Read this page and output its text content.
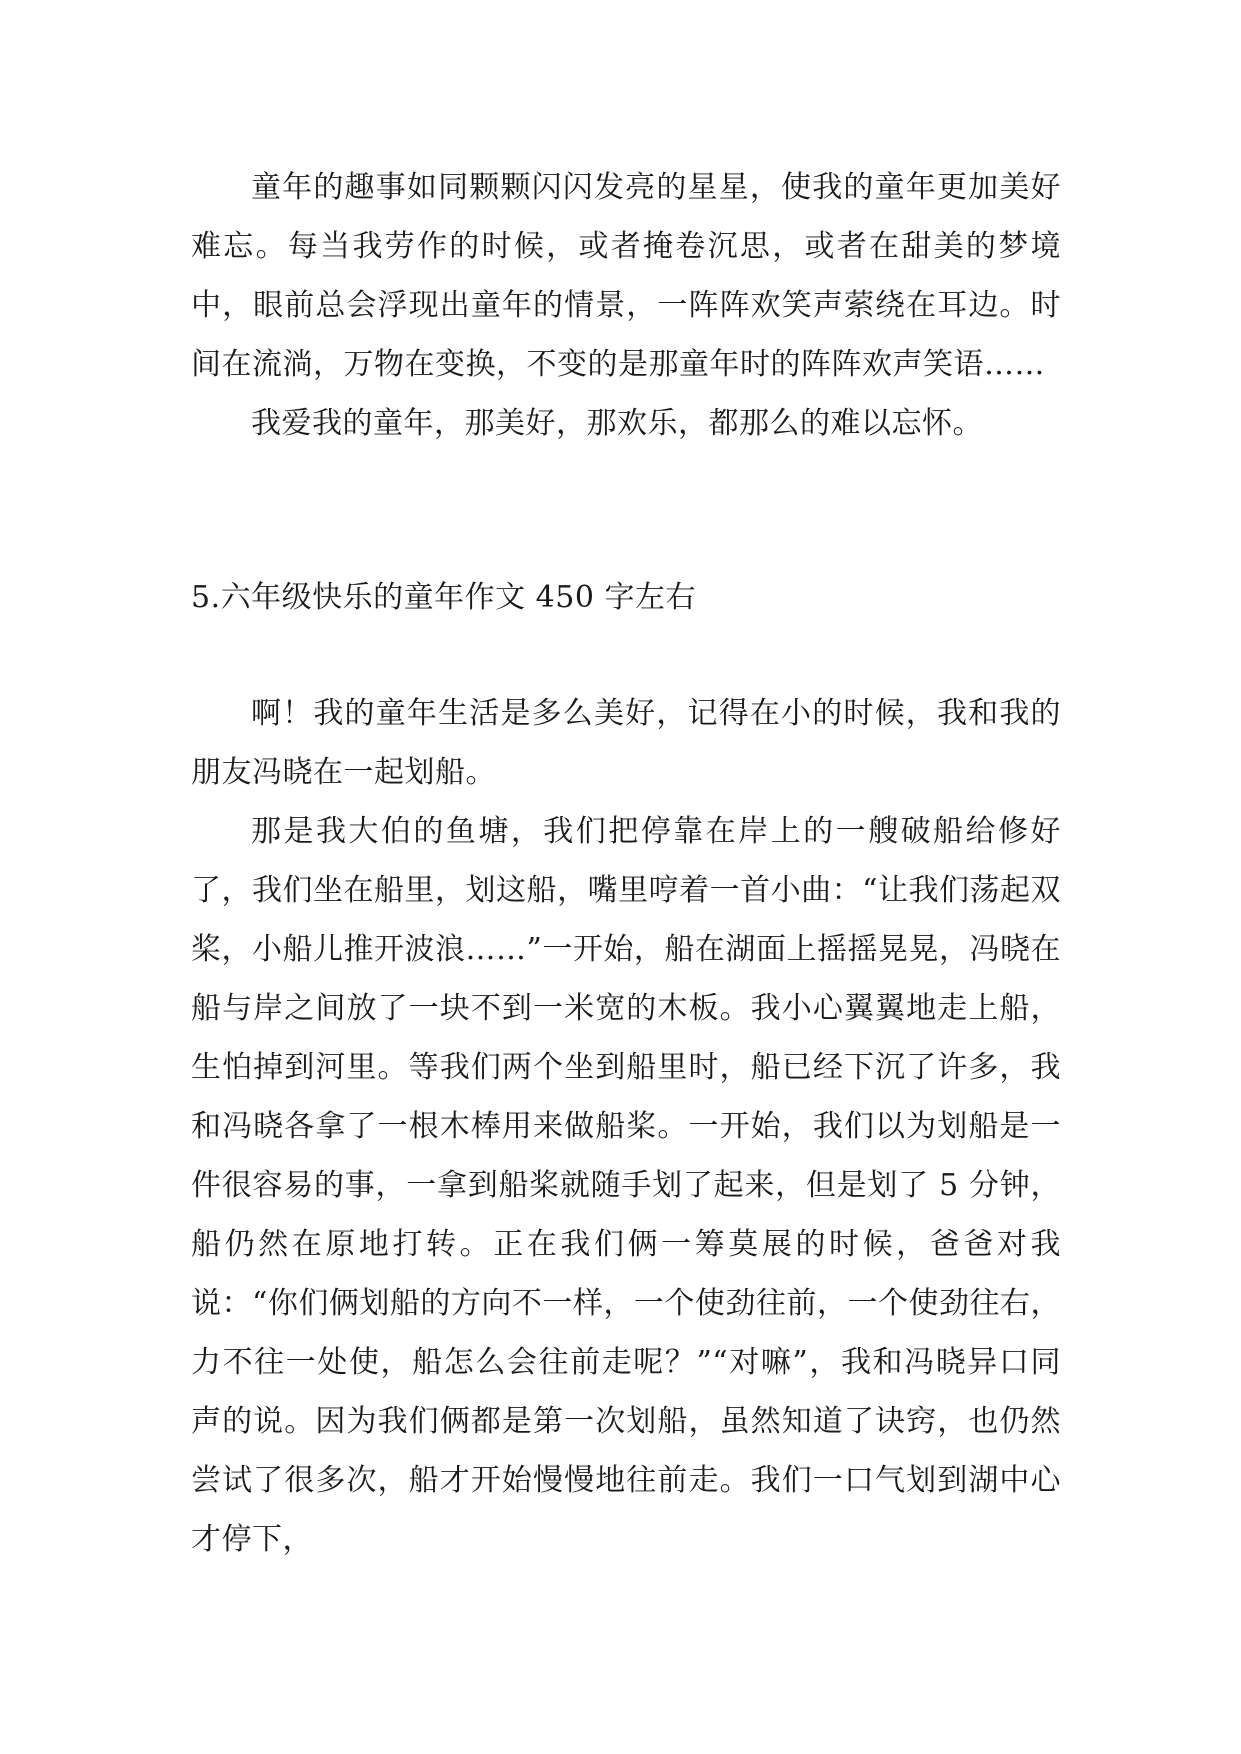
童年的趣事如同颗颗闪闪发亮的星星，使我的童年更加美好难忘。每当我劳作的时候，或者掩卷沉思，或者在甜美的梦境中，眼前总会浮现出童年的情景，一阵阵欢笑声萦绕在耳边。时间在流淌，万物在变换，不变的是那童年时的阵阵欢声笑语……

我爱我的童年，那美好，那欢乐，都那么的难以忘怀。

5.六年级快乐的童年作文 450 字左右

啊！我的童年生活是多么美好，记得在小的时候，我和我的朋友冯晓在一起划船。

那是我大伯的鱼塘，我们把停靠在岸上的一艘破船给修好了，我们坐在船里，划这船，嘴里哼着一首小曲：“让我们荡起双桨，小船儿推开波浪……”一开始，船在湖面上摇摇晃晃，冯晓在船与岸之间放了一块不到一米宽的木板。我小心翼翼地走上船，生怕掉到河里。等我们两个坐到船里时，船已经下沉了许多，我和冯晓各拿了一根木棒用来做船桨。一开始，我们以为划船是一件很容易的事，一拿到船桨就随手划了起来，但是划了 5 分钟，船仍然在原地打转。正在我们俩一筹莫展的时候，爸爸对我说：“你们俩划船的方向不一样，一个使劲往前，一个使劲往右，力不往一处使，船怎么会往前走呢？”“对嘛”，我和冯晓异口同声的说。因为我们俩都是第一次划船，虽然知道了诀窍，也仍然尝试了很多次，船才开始慢慢地往前走。我们一口气划到湖中心才停下，
